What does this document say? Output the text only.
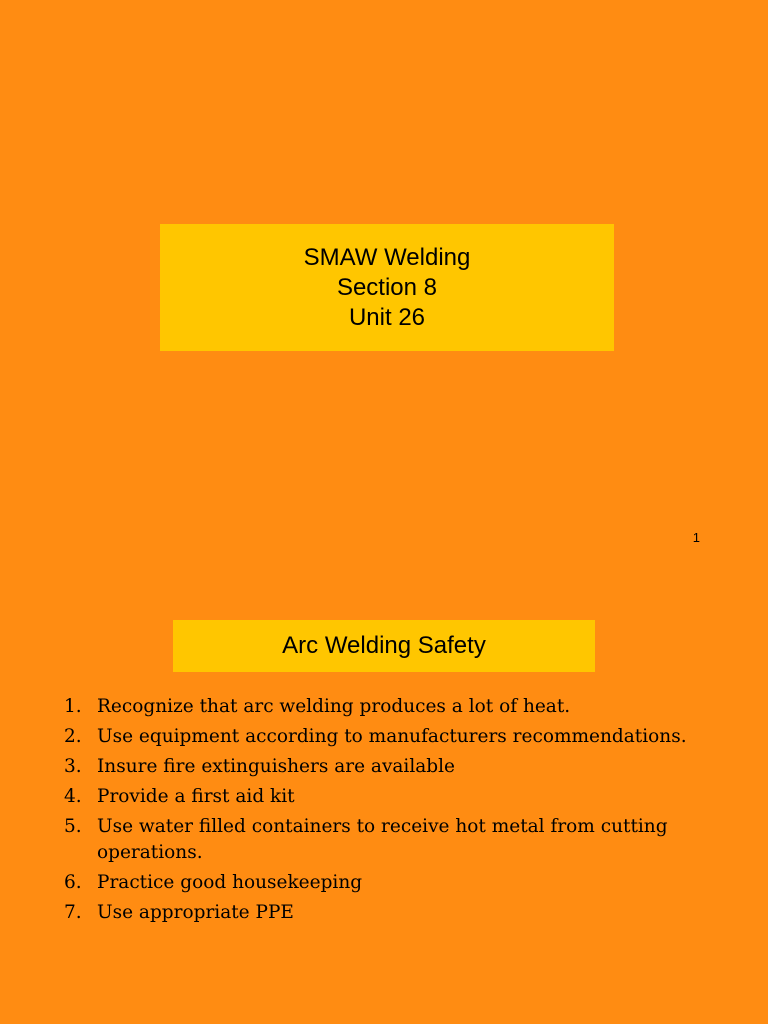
SMAW Welding
Section 8
Unit 26
1
Arc Welding Safety
1. Recognize that arc welding produces a lot of heat.
2. Use equipment according to manufacturers recommendations.
3. Insure fire extinguishers are available
4. Provide a first aid kit
5. Use water filled containers to receive hot metal from cutting operations.
6. Practice good housekeeping
7. Use appropriate PPE
